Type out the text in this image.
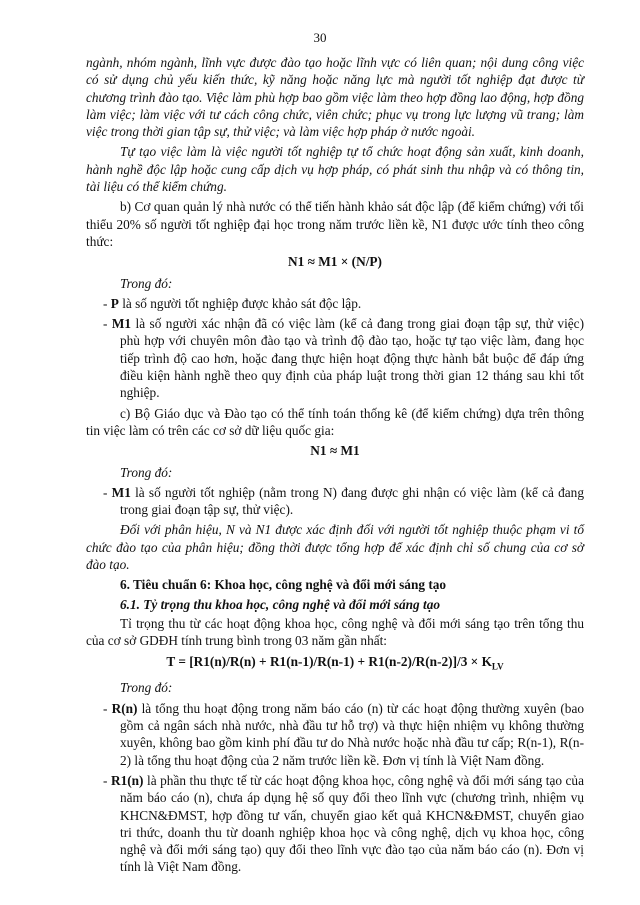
30

ngành, nhóm ngành, lĩnh vực được đào tạo hoặc lĩnh vực có liên quan; nội dung công việc có sử dụng chủ yếu kiến thức, kỹ năng hoặc năng lực mà người tốt nghiệp đạt được từ chương trình đào tạo. Việc làm phù hợp bao gồm việc làm theo hợp đồng lao động, hợp đồng làm việc; làm việc với tư cách công chức, viên chức; phục vụ trong lực lượng vũ trang; làm việc trong thời gian tập sự, thử việc; và làm việc hợp pháp ở nước ngoài.

Tự tạo việc làm là việc người tốt nghiệp tự tổ chức hoạt động sản xuất, kinh doanh, hành nghề độc lập hoặc cung cấp dịch vụ hợp pháp, có phát sinh thu nhập và có thông tin, tài liệu có thể kiểm chứng.

b) Cơ quan quản lý nhà nước có thể tiến hành khảo sát độc lập (để kiểm chứng) với tối thiểu 20% số người tốt nghiệp đại học trong năm trước liền kề, N1 được ước tính theo công thức:

N1 ≈ M1 × (N/P)

Trong đó:

- P là số người tốt nghiệp được khảo sát độc lập.

- M1 là số người xác nhận đã có việc làm (kể cả đang trong giai đoạn tập sự, thử việc) phù hợp với chuyên môn đào tạo và trình độ đào tạo, hoặc tự tạo việc làm, đang học tiếp trình độ cao hơn, hoặc đang thực hiện hoạt động thực hành bắt buộc để đáp ứng điều kiện hành nghề theo quy định của pháp luật trong thời gian 12 tháng sau khi tốt nghiệp.

c) Bộ Giáo dục và Đào tạo có thể tính toán thống kê (để kiểm chứng) dựa trên thông tin việc làm có trên các cơ sở dữ liệu quốc gia:

N1 ≈ M1

Trong đó:

- M1 là số người tốt nghiệp (nằm trong N) đang được ghi nhận có việc làm (kể cả đang trong giai đoạn tập sự, thử việc).

Đối với phân hiệu, N và N1 được xác định đối với người tốt nghiệp thuộc phạm vi tổ chức đào tạo của phân hiệu; đồng thời được tổng hợp để xác định chỉ số chung của cơ sở đào tạo.

6. Tiêu chuẩn 6: Khoa học, công nghệ và đổi mới sáng tạo
6.1. Tỷ trọng thu khoa học, công nghệ và đổi mới sáng tạo

Tỉ trọng thu từ các hoạt động khoa học, công nghệ và đổi mới sáng tạo trên tổng thu của cơ sở GDĐH tính trung bình trong 03 năm gần nhất:

$T = [R1(n)/R(n) + R1(n-1)/R(n-1) + R1(n-2)/R(n-2)]/3 \times K_{LV}$

Trong đó:

- R(n) là tổng thu hoạt động trong năm báo cáo (n) từ các hoạt động thường xuyên (bao gồm cả ngân sách nhà nước, nhà đầu tư hỗ trợ) và thực hiện nhiệm vụ không thường xuyên, không bao gồm kinh phí đầu tư do Nhà nước hoặc nhà đầu tư cấp; R(n-1), R(n-2) là tổng thu hoạt động của 2 năm trước liền kề. Đơn vị tính là Việt Nam đồng.

- R1(n) là phần thu thực tế từ các hoạt động khoa học, công nghệ và đổi mới sáng tạo của năm báo cáo (n), chưa áp dụng hệ số quy đổi theo lĩnh vực (chương trình, nhiệm vụ KHCN&ĐMST, hợp đồng tư vấn, chuyển giao kết quả KHCN&ĐMST, chuyển giao tri thức, doanh thu từ doanh nghiệp khoa học và công nghệ, dịch vụ khoa học, công nghệ và đổi mới sáng tạo) quy đổi theo lĩnh vực đào tạo của năm báo cáo (n). Đơn vị tính là Việt Nam đồng.
